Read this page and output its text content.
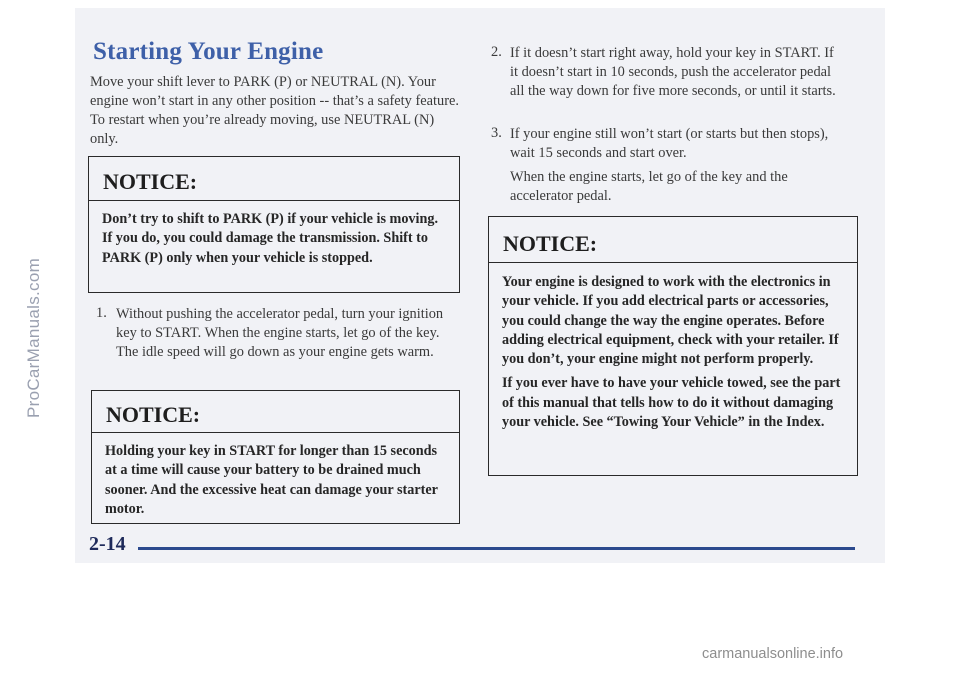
Starting Your Engine

Move your shift lever to PARK (P) or NEUTRAL (N). Your engine won’t start in any other position -- that’s a safety feature. To restart when you’re already moving, use NEUTRAL (N) only.

NOTICE:

Don’t try to shift to PARK (P) if your vehicle is moving. If you do, you could damage the transmission. Shift to PARK (P) only when your vehicle is stopped.

1. Without pushing the accelerator pedal, turn your ignition key to START. When the engine starts, let go of the key. The idle speed will go down as your engine gets warm.

NOTICE:

Holding your key in START for longer than 15 seconds at a time will cause your battery to be drained much sooner. And the excessive heat can damage your starter motor.

2. If it doesn’t start right away, hold your key in START. If it doesn’t start in 10 seconds, push the accelerator pedal all the way down for five more seconds, or until it starts.

3. If your engine still won’t start (or starts but then stops), wait 15 seconds and start over.

When the engine starts, let go of the key and the accelerator pedal.

NOTICE:

Your engine is designed to work with the electronics in your vehicle. If you add electrical parts or accessories, you could change the way the engine operates. Before adding electrical equipment, check with your retailer. If you don’t, your engine might not perform properly.

If you ever have to have your vehicle towed, see the part of this manual that tells how to do it without damaging your vehicle. See “Towing Your Vehicle” in the Index.

2-14
ProCarManuals.com
carmanualsonline.info
